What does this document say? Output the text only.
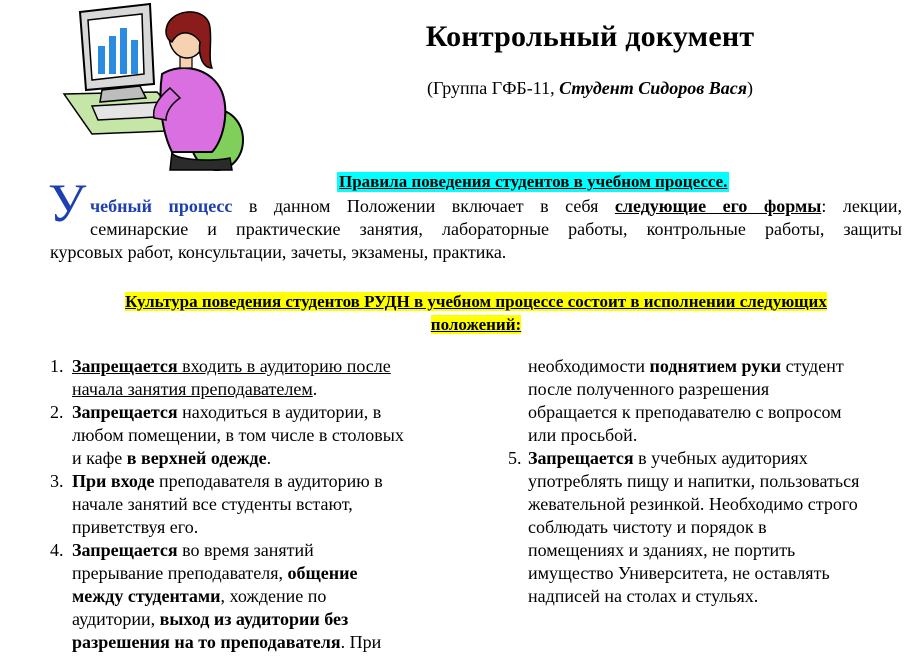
Контрольный документ
(Группа ГФБ-11, Студент Сидоров Вася)
Правила поведения студентов в учебном процессе.
У чебный процесс в данном Положении включает в себя следующие его формы: лекции,
семинарские и практические занятия, лабораторные работы, контрольные работы, защиты
курсовых работ, консультации, зачеты, экзамены, практика.
Культура поведения студентов РУДН в учебном процессе состоит в исполнении следующих
положений:
1. Запрещается входить в аудиторию после
начала занятия преподавателем.
2. Запрещается находиться в аудитории, в
любом помещении, в том числе в столовых
и кафе в верхней одежде.
3. При входе преподавателя в аудиторию в
начале занятий все студенты встают,
приветствуя его.
4. Запрещается во время занятий
прерывание преподавателя, общение
между студентами, хождение по
аудитории, выход из аудитории без
разрешения на то преподавателя. При
необходимости поднятием руки студент
после полученного разрешения
обращается к преподавателю с вопросом
или просьбой.
5. Запрещается в учебных аудиториях
употреблять пищу и напитки, пользоваться
жевательной резинкой. Необходимо строго
соблюдать чистоту и порядок в
помещениях и зданиях, не портить
имущество Университета, не оставлять
надписей на столах и стульях.
